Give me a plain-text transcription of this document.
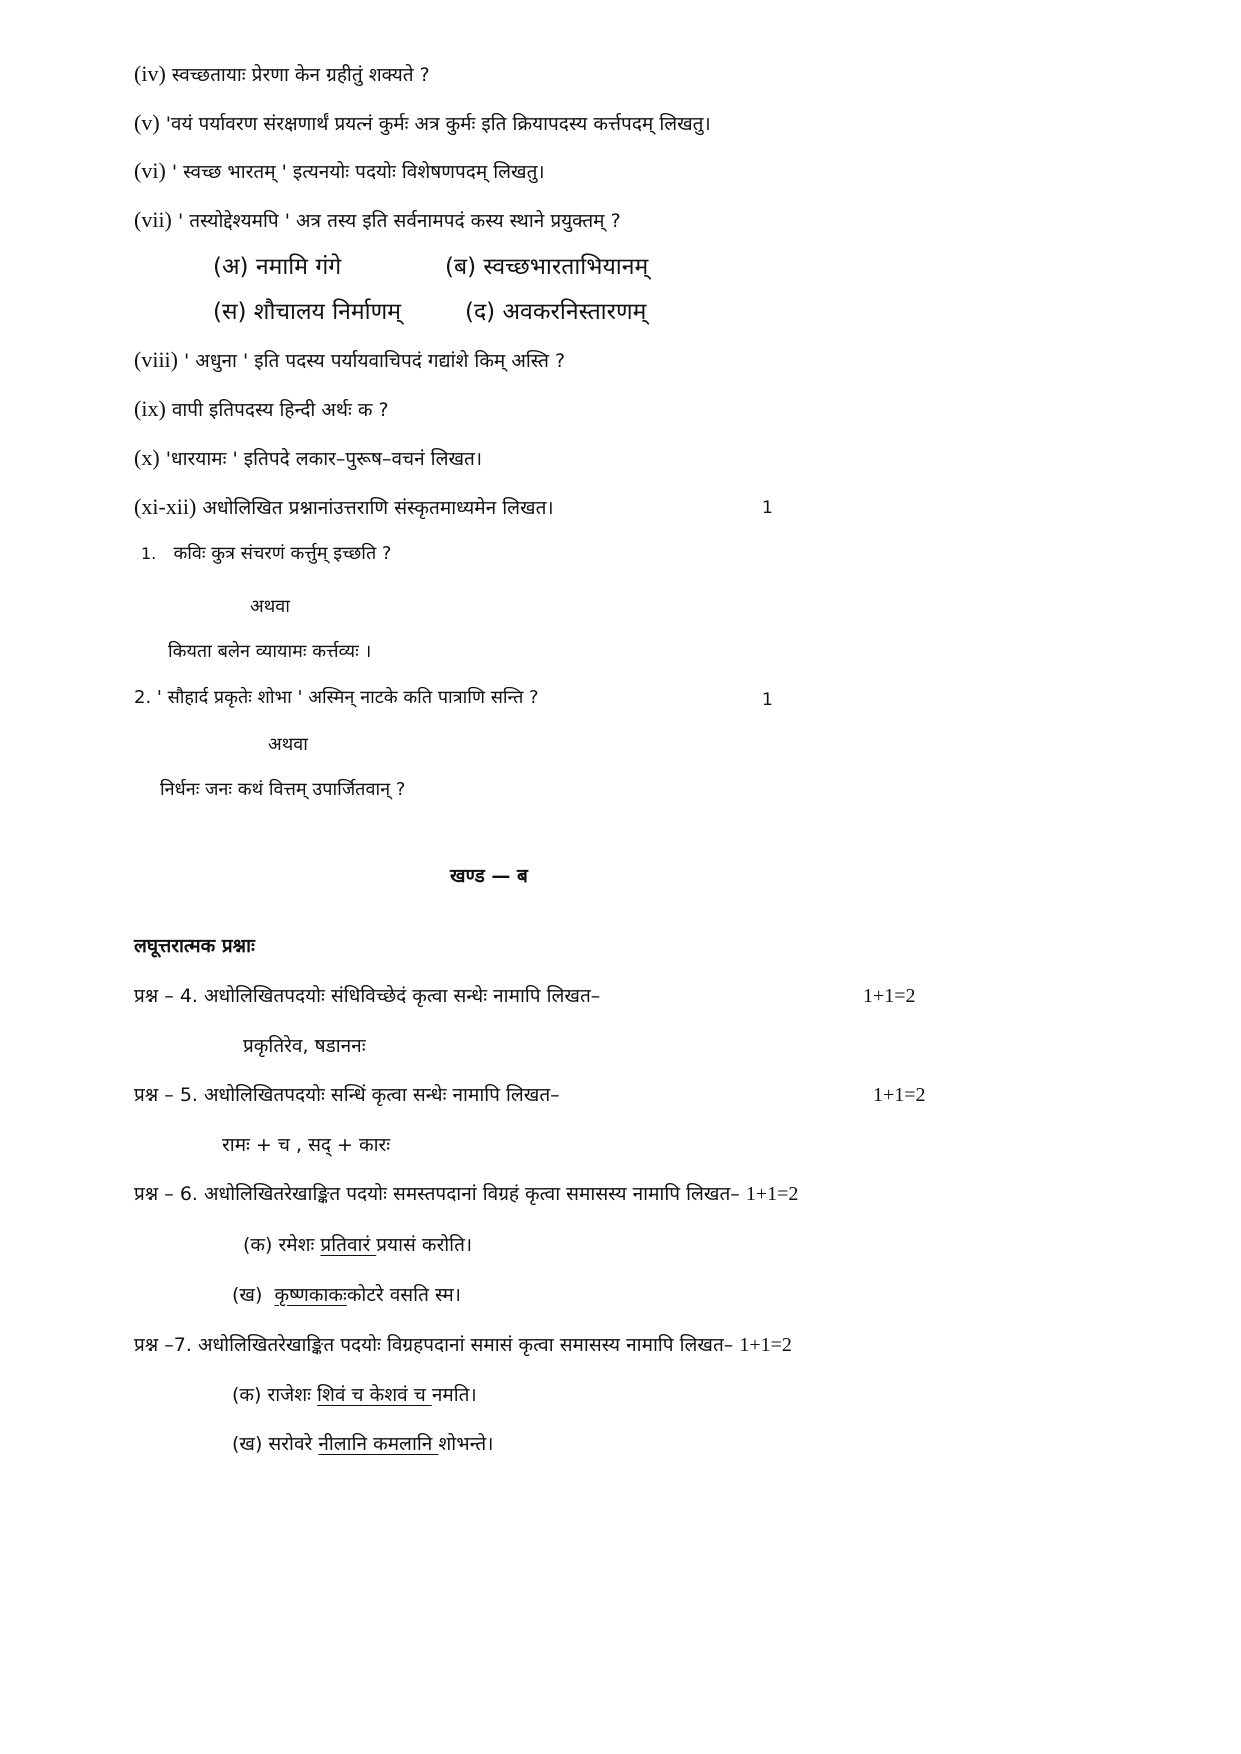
(iv) स्वच्छतायाः प्रेरणा केन ग्रहीतुं शक्यते ?
(v) 'वयं पर्यावरण संरक्षणार्थं प्रयत्नं कुर्मः अत्र कुर्मः इति क्रियापदस्य कर्त्तपदम् लिखतु।
(vi) ' स्वच्छ भारतम् ' इत्यनयोः पदयोः विशेषणपदम् लिखतु।
(vii) ' तस्योद्देश्यमपि ' अत्र तस्य इति सर्वनामपदं कस्य स्थाने प्रयुक्तम् ?
(अ) नमामि गंगे	(ब) स्वच्छभारताभियानम्
(स) शौचालय निर्माणम्	(द) अवकरनिस्तारणम्
(viii) ' अधुना ' इति पदस्य पर्यायवाचिपदं गद्यांशे किम् अस्ति ?
(ix) वापी इतिपदस्य हिन्दी अर्थः क ?
(x) 'धारयामः ' इतिपदे लकार–पुरूष–वचनं लिखत।
(xi-xii) अधोलिखित प्रश्नानांउत्तराणि संस्कृतमाध्यमेन लिखत।	1
1. कविः कुत्र संचरणं कर्त्तुम् इच्छति ?
अथवा
कियता बलेन व्यायामः कर्त्तव्यः ।
2. ' सौहार्द प्रकृतेः शोभा ' अस्मिन् नाटके कति पात्राणि सन्ति ?	1
अथवा
निर्धनः जनः कथं वित्तम् उपार्जितवान् ?
खण्ड — ब
लघूत्तरात्मक प्रश्नाः
प्रश्न – 4. अधोलिखितपदयोः संधिविच्छेदं कृत्वा सन्धेः नामापि लिखत–	1+1=2
प्रकृतिरेव, षडाननः
प्रश्न – 5. अधोलिखितपदयोः सन्धिं कृत्वा सन्धेः नामापि लिखत–	1+1=2
रामः + च , सद् + कारः
प्रश्न – 6. अधोलिखितरेखाङ्कित पदयोः समस्तपदानां विग्रहं कृत्वा समासस्य नामापि लिखत– 1+1=2
(क) रमेशः प्रतिवारं प्रयासं करोति।
(ख)  कृष्णकाकःकोटरे वसति स्म।
प्रश्न –7. अधोलिखितरेखाङ्कित पदयोः विग्रहपदानां समासं कृत्वा समासस्य नामापि लिखत– 1+1=2
(क) राजेशः शिवं च केशवं च नमति।
(ख) सरोवरे नीलानि कमलानि शोभन्ते।
